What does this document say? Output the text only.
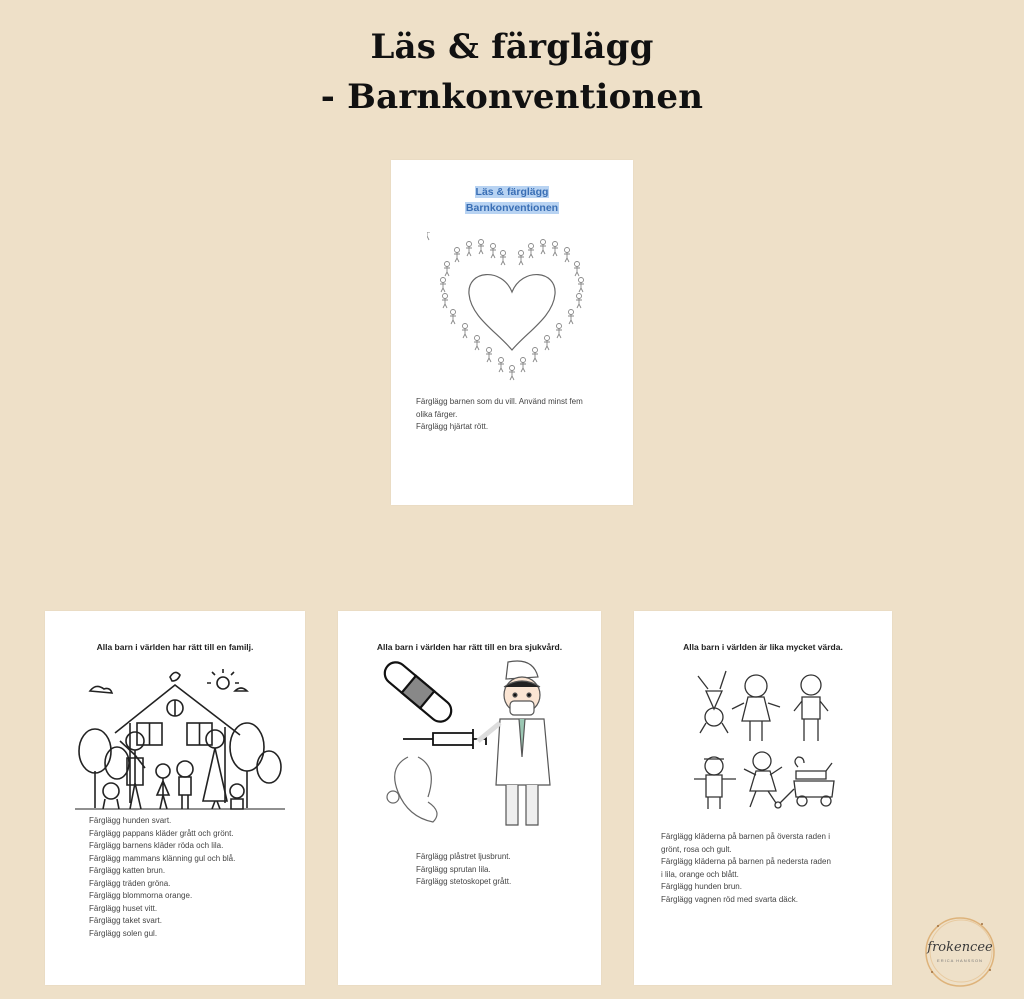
Läs & färglägg
- Barnkonventionen
Läs & färglägg
Barnkonventionen
Färglägg barnen som du vill. Använd minst fem
olika färger.
Färglägg hjärtat rött.
Alla barn i världen har rätt till en familj.
Färglägg hunden svart.
Färglägg pappans kläder grått och grönt.
Färglägg barnens kläder röda och lila.
Färglägg mammans klänning gul och blå.
Färglägg katten brun.
Färglägg träden gröna.
Färglägg blommorna orange.
Färglägg huset vitt.
Färglägg taket svart.
Färglägg solen gul.
Alla barn i världen har rätt till en bra sjukvård.
Färglägg plåstret ljusbrunt.
Färglägg sprutan lila.
Färglägg stetoskopet grått.
Alla barn i världen är lika mycket värda.
Färglägg kläderna på barnen på översta raden i
grönt, rosa och gult.
Färglägg kläderna på barnen på nedersta raden
i lila, orange och blått.
Färglägg hunden brun.
Färglägg vagnen röd med svarta däck.
frokencee
ERICA HANSSON
